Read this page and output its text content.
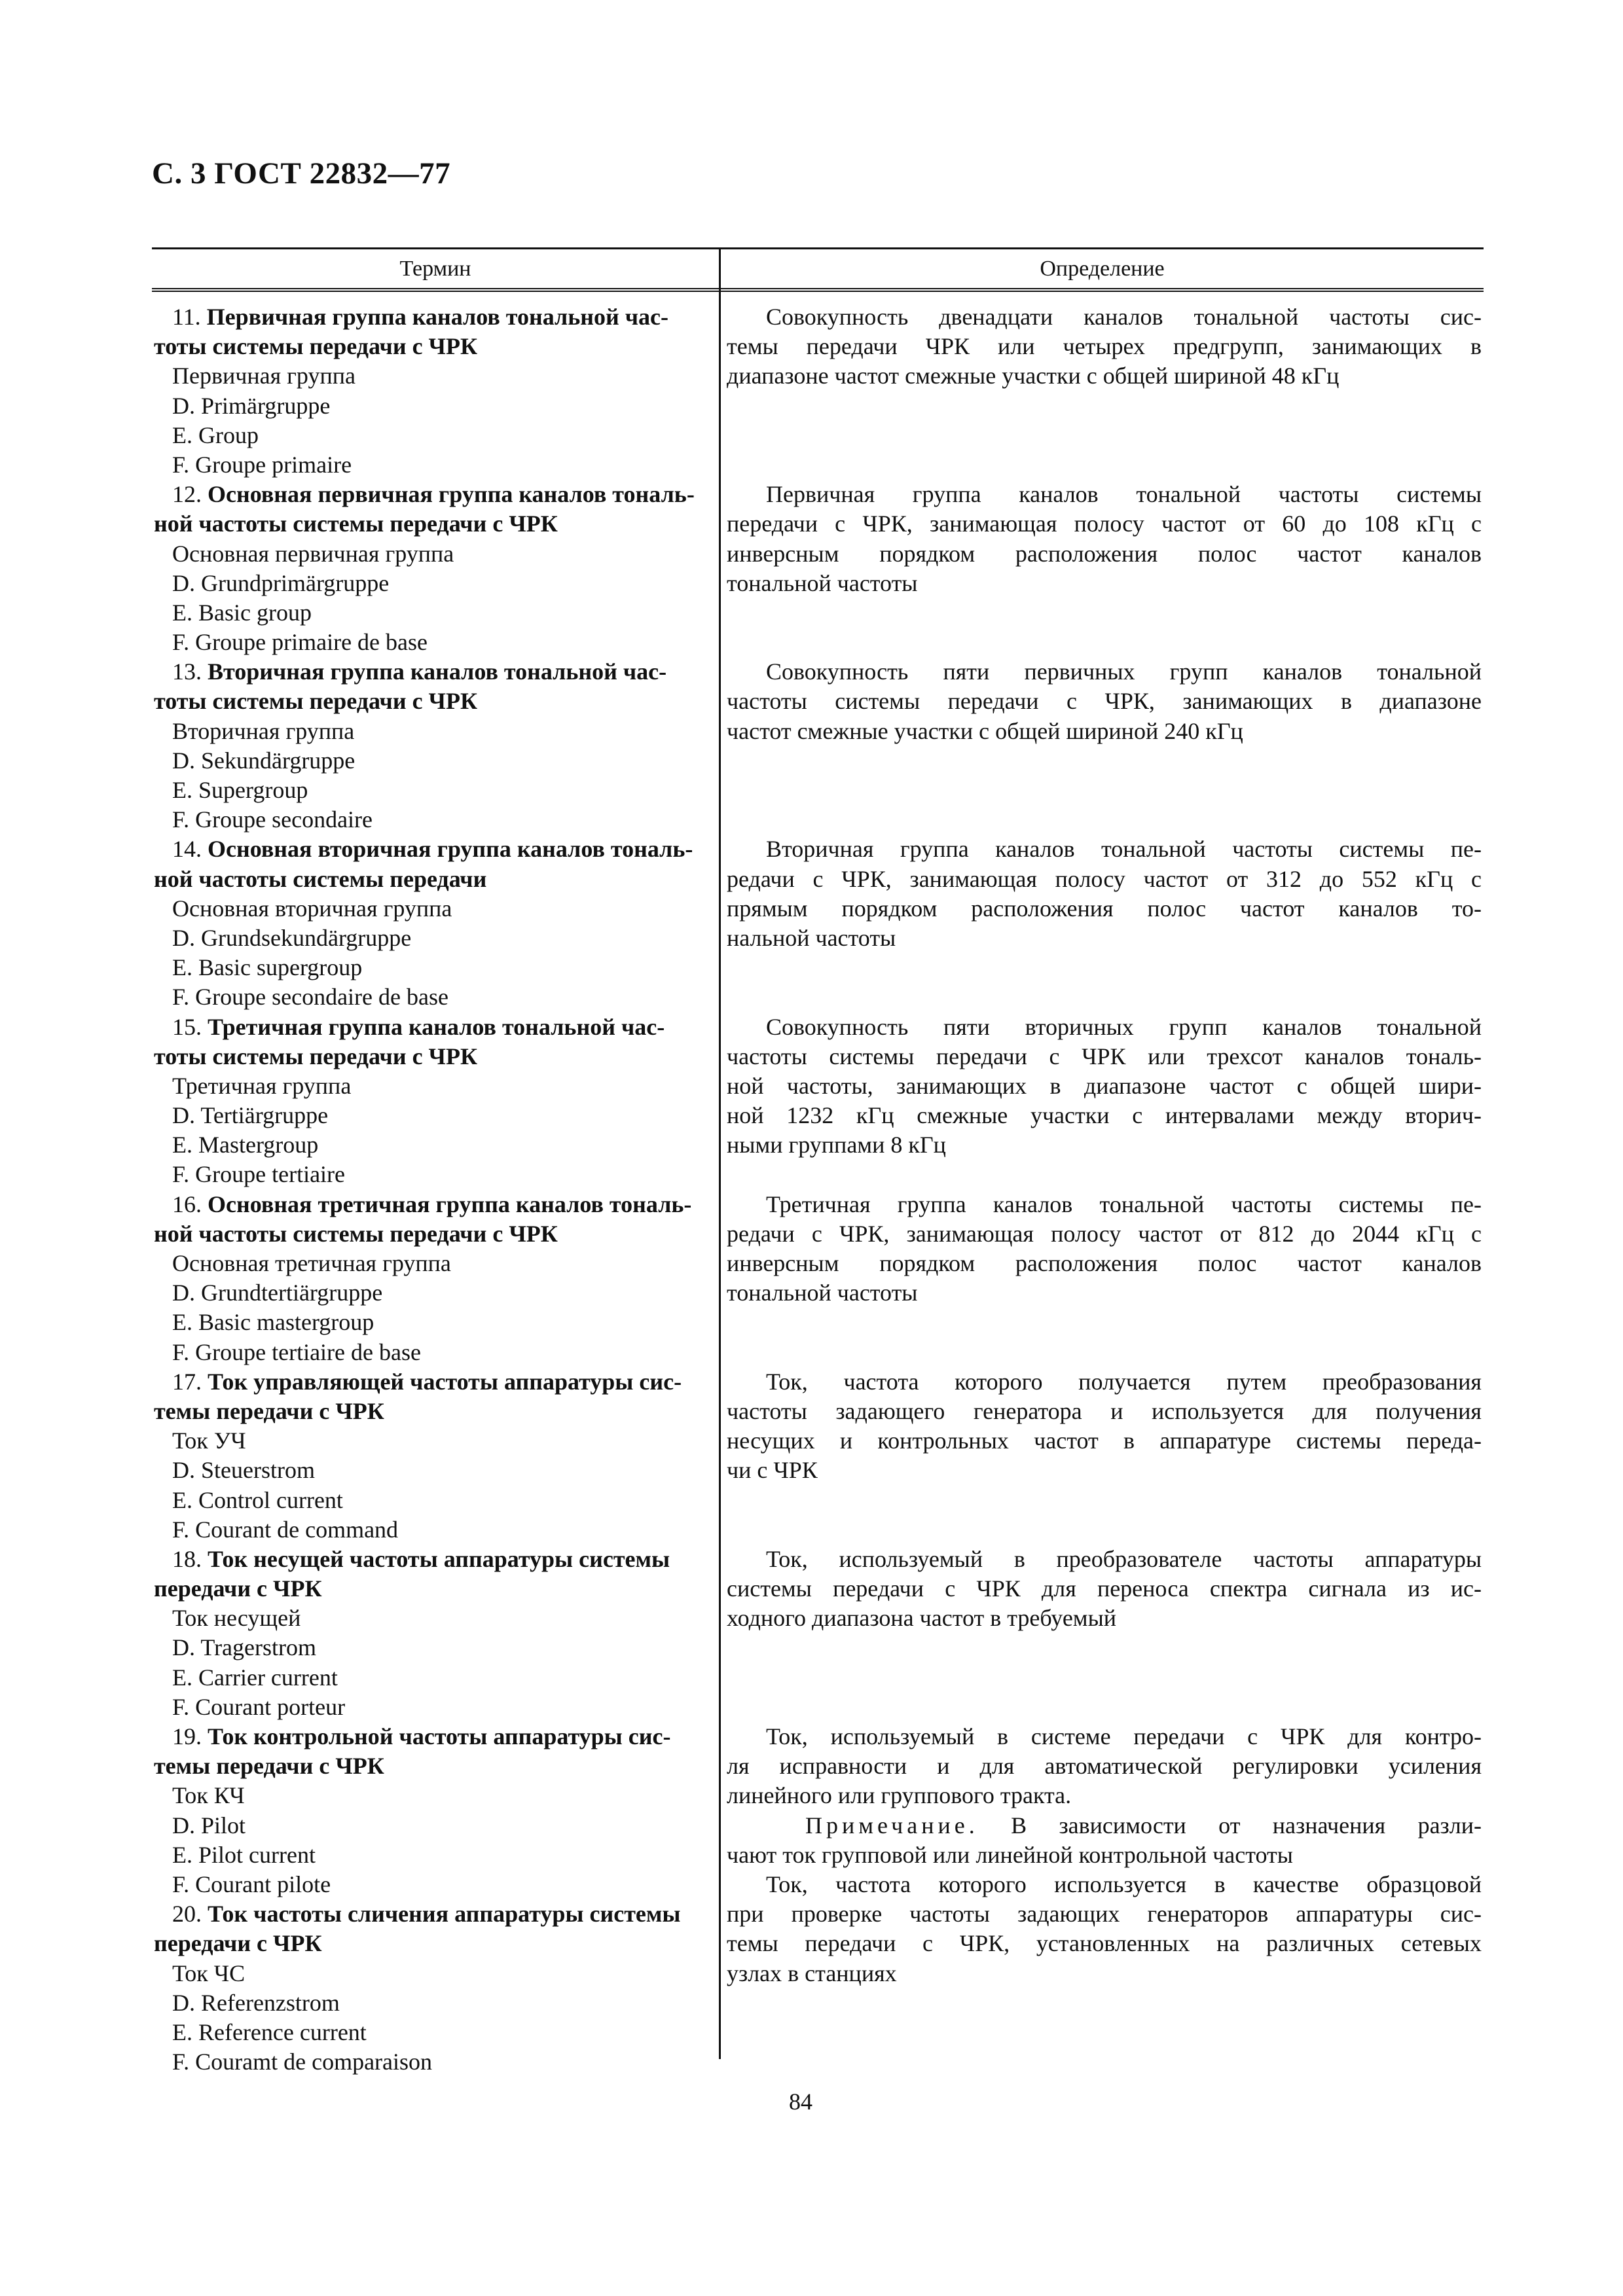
С. 3 ГОСТ 22832—77
Термин	Определение
11. Первичная группа каналов тональной час-
тоты системы передачи с ЧРК
Первичная группа
D. Primärgruppe
E. Group
F. Groupe primaire
12. Основная первичная группа каналов тональ-
ной частоты системы передачи с ЧРК
Основная первичная группа
D. Grundprimärgruppe
E. Basic group
F. Groupe primaire de base
13. Вторичная группа каналов тональной час-
тоты системы передачи с ЧРК
Вторичная группа
D. Sekundärgruppe
E. Supergroup
F. Groupe secondaire
14. Основная вторичная группа каналов тональ-
ной частоты системы передачи
Основная вторичная группа
D. Grundsekundärgruppe
E. Basic supergroup
F. Groupe secondaire de base
15. Третичная группа каналов тональной час-
тоты системы передачи с ЧРК
Третичная группа
D. Tertiärgruppe
E. Mastergroup
F. Groupe tertiaire
16. Основная третичная группа каналов тональ-
ной частоты системы передачи с ЧРК
Основная третичная группа
D. Grundtertiärgruppe
E. Basic mastergroup
F. Groupe tertiaire de base
17. Ток управляющей частоты аппаратуры сис-
темы передачи с ЧРК
Ток УЧ
D. Steuerstrom
E. Control current
F. Courant de command
18. Ток несущей частоты аппаратуры системы
передачи с ЧРК
Ток несущей
D. Tragerstrom
E. Carrier current
F. Courant porteur
19. Ток контрольной частоты аппаратуры сис-
темы передачи с ЧРК
Ток КЧ
D. Pilot
E. Pilot current
F. Courant pilote
20. Ток частоты сличения аппаратуры системы
передачи с ЧРК
Ток ЧС
D. Referenzstrom
E. Reference current
F. Couramt de comparaison
Совокупность двенадцати каналов тональной частоты сис-
темы передачи ЧРК или четырех предгрупп, занимающих в
диапазоне частот смежные участки с общей шириной 48 кГц
Первичная группа каналов тональной частоты системы
передачи с ЧРК, занимающая полосу частот от 60 до 108 кГц с
инверсным порядком расположения полос частот каналов
тональной частоты
Совокупность пяти первичных групп каналов тональной
частоты системы передачи с ЧРК, занимающих в диапазоне
частот смежные участки с общей шириной 240 кГц
Вторичная группа каналов тональной частоты системы пе-
редачи с ЧРК, занимающая полосу частот от 312 до 552 кГц с
прямым порядком расположения полос частот каналов то-
нальной частоты
Совокупность пяти вторичных групп каналов тональной
частоты системы передачи с ЧРК или трехсот каналов тональ-
ной частоты, занимающих в диапазоне частот с общей шири-
ной 1232 кГц смежные участки с интервалами между вторич-
ными группами 8 кГц
Третичная группа каналов тональной частоты системы пе-
редачи с ЧРК, занимающая полосу частот от 812 до 2044 кГц с
инверсным порядком расположения полос частот каналов
тональной частоты
Ток, частота которого получается путем преобразования
частоты задающего генератора и используется для получения
несущих и контрольных частот в аппаратуре системы переда-
чи с ЧРК
Ток, используемый в преобразователе частоты аппаратуры
системы передачи с ЧРК для переноса спектра сигнала из ис-
ходного диапазона частот в требуемый
Ток, используемый в системе передачи с ЧРК для контро-
ля исправности и для автоматической регулировки усиления
линейного или группового тракта.
Примечание. В зависимости от назначения разли-
чают ток групповой или линейной контрольной частоты
Ток, частота которого используется в качестве образцовой
при проверке частоты задающих генераторов аппаратуры сис-
темы передачи с ЧРК, установленных на различных сетевых
узлах в станциях
84
